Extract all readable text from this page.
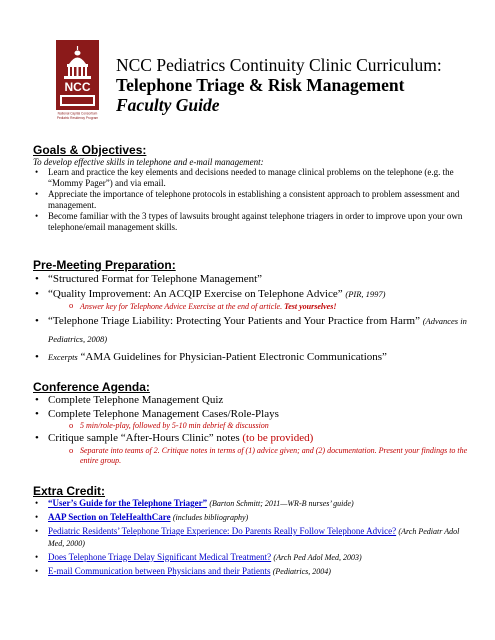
NCC
National Capital Consortium
Pediatric Residency Program
NCC Pediatrics Continuity Clinic Curriculum:
Telephone Triage & Risk Management
Faculty Guide
Goals & Objectives:
To develop effective skills in telephone and e-mail management:
• Learn and practice the key elements and decisions needed to manage clinical problems on the telephone (e.g. the “Mommy Pager”) and via email.
• Appreciate the importance of telephone protocols in establishing a consistent approach to problem assessment and management.
• Become familiar with the 3 types of lawsuits brought against telephone triagers in order to improve upon your own telephone/email management skills.
Pre-Meeting Preparation:
• “Structured Format for Telephone Management”
• “Quality Improvement: An ACQIP Exercise on Telephone Advice” (PIR, 1997)
o Answer key for Telephone Advice Exercise at the end of article. Test yourselves!
• “Telephone Triage Liability: Protecting Your Patients and Your Practice from Harm” (Advances in Pediatrics, 2008)
• Excerpts “AMA Guidelines for Physician-Patient Electronic Communications”
Conference Agenda:
• Complete Telephone Management Quiz
• Complete Telephone Management Cases/Role-Plays
o 5 min/role-play, followed by 5-10 min debrief & discussion
• Critique sample “After-Hours Clinic” notes (to be provided)
o Separate into teams of 2. Critique notes in terms of (1) advice given; and (2) documentation. Present your findings to the entire group.
Extra Credit:
• “User’s Guide for the Telephone Triager” (Barton Schmitt; 2011—WR-B nurses’ guide)
• AAP Section on TeleHealthCare (includes bibliography)
• Pediatric Residents’ Telephone Triage Experience: Do Parents Really Follow Telephone Advice? (Arch Pediatr Adol Med, 2000)
• Does Telephone Triage Delay Significant Medical Treatment? (Arch Ped Adol Med, 2003)
• E-mail Communication between Physicians and their Patients (Pediatrics, 2004)
